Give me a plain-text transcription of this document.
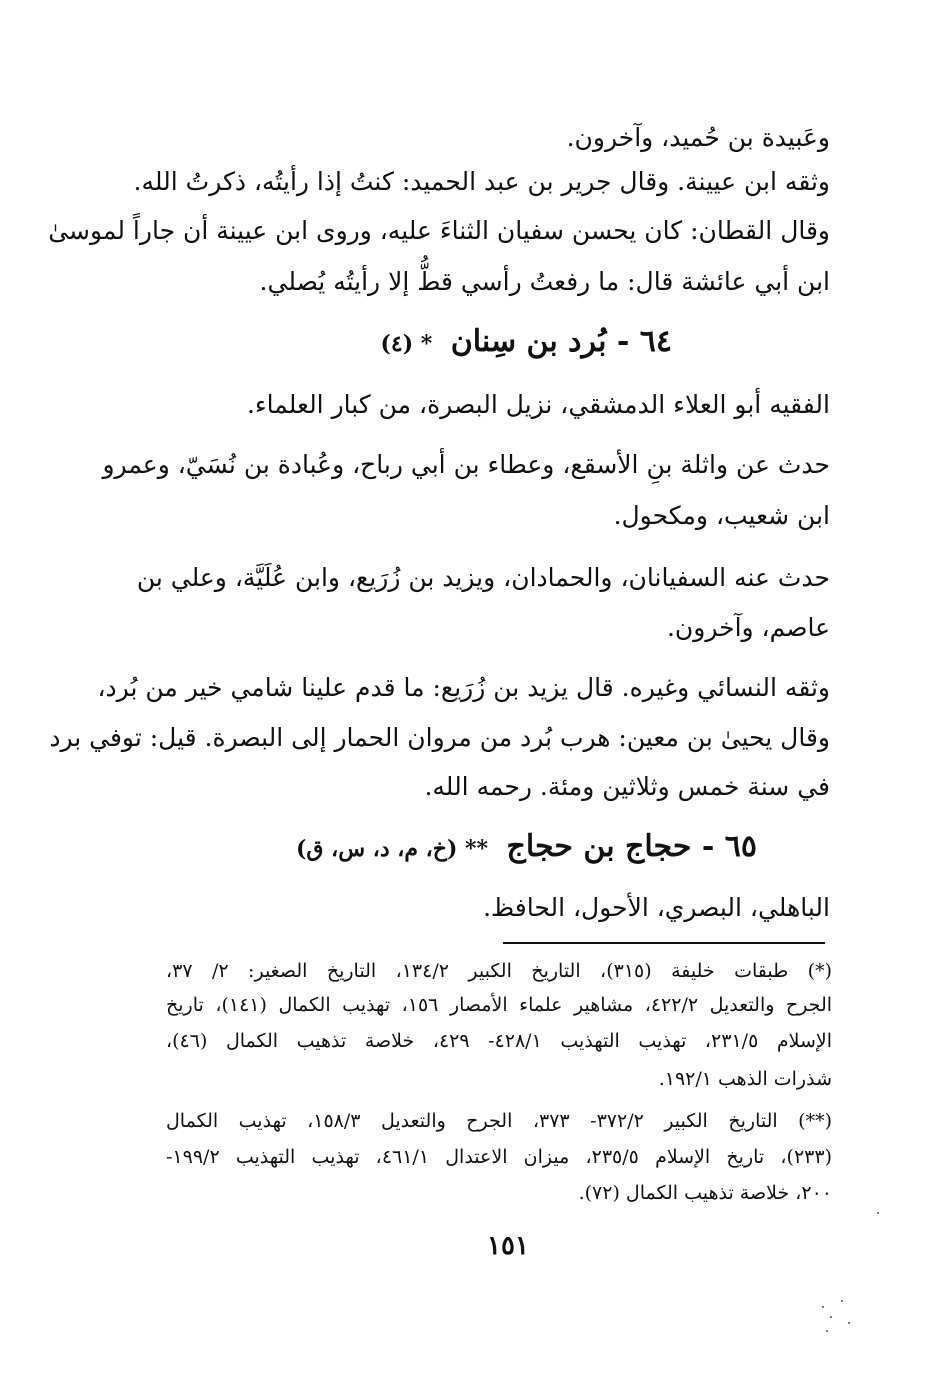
وعَبيدة بن حُميد، وآخرون.
وثقه ابن عيينة. وقال جرير بن عبد الحميد: كنتُ إذا رأيتُه، ذكرتُ الله.
وقال القطان: كان يحسن سفيان الثناءَ عليه، وروى ابن عيينة أن جاراً لموسىٰ
ابن أبي عائشة قال: ما رفعتُ رأسي قطُّ إلا رأيتُه يُصلي.
٦٤ - بُرد بن سِنان * (٤)
الفقيه أبو العلاء الدمشقي، نزيل البصرة، من كبار العلماء.
حدث عن واثلة بنِ الأسقع، وعطاء بن أبي رباح، وعُبادة بن نُسَيّ، وعمرو
ابن شعيب، ومكحول.
حدث عنه السفيانان، والحمادان، ويزيد بن زُرَيع، وابن عُلَيَّة، وعلي بن
عاصم، وآخرون.
وثقه النسائي وغيره. قال يزيد بن زُرَيع: ما قدم علينا شامي خير من بُرد،
وقال يحيىٰ بن معين: هرب بُرد من مروان الحمار إلى البصرة. قيل: توفي برد
في سنة خمس وثلاثين ومئة. رحمه الله.
٦٥ - حجاج بن حجاج ** (خ، م، د، س، ق)
الباهلي، البصري، الأحول، الحافظ.
(*) طبقات خليفة (٣١٥)، التاريخ الكبير ١٣٤/٢، التاريخ الصغير: ٢/ ٣٧،
الجرح والتعديل ٤٢٢/٢، مشاهير علماء الأمصار ١٥٦، تهذيب الكمال (١٤١)، تاريخ
الإسلام ٢٣١/٥، تهذيب التهذيب ٤٢٨/١- ٤٢٩، خلاصة تذهيب الكمال (٤٦)،
شذرات الذهب ١٩٢/١.
(**) التاريخ الكبير ٣٧٢/٢- ٣٧٣، الجرح والتعديل ١٥٨/٣، تهذيب الكمال
(٢٣٣)، تاريخ الإسلام ٢٣٥/٥، ميزان الاعتدال ٤٦١/١، تهذيب التهذيب ١٩٩/٢-
٢٠٠، خلاصة تذهيب الكمال (٧٢).
١٥١
